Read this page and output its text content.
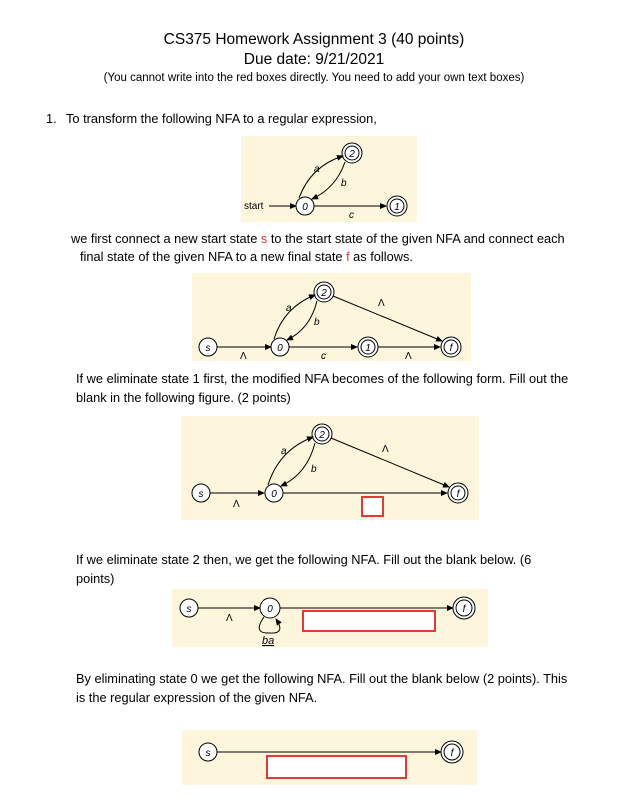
CS375 Homework Assignment 3 (40 points)
Due date: 9/21/2021
(You cannot write into the red boxes directly. You need to add your own text boxes)
1. To transform the following NFA to a regular expression,
start	0
2
1
a
b
c
we first connect a new start state s to the start state of the given NFA and connect each
final state of the given NFA to a new final state f as follows.
s
Λ
0
2
1	f
a
b
c	Λ
Λ
If we eliminate state 1 first, the modified NFA becomes of the following form. Fill out the
blank in the following figure. (2 points)
s
Λ
0
2
f
a
b
Λ
If we eliminate state 2 then, we get the following NFA. Fill out the blank below. (6
points)
s
Λ
0
ba
f
By eliminating state 0 we get the following NFA. Fill out the blank below (2 points). This
is the regular expression of the given NFA.
s	f
